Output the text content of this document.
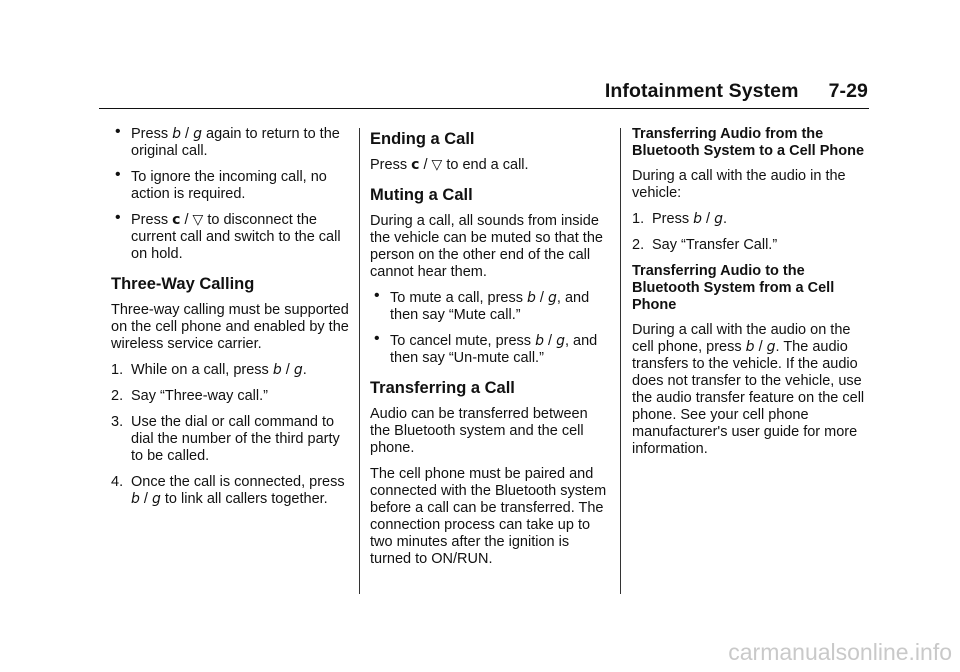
Infotainment System 7-29
• Press b / g again to return to the original call.
• To ignore the incoming call, no action is required.
• Press c / ▽ to disconnect the current call and switch to the call on hold.
Three-Way Calling

Three-way calling must be supported on the cell phone and enabled by the wireless service carrier.

1. While on a call, press b / g.
2. Say “Three-way call.”
3. Use the dial or call command to dial the number of the third party to be called.
4. Once the call is connected, press b / g to link all callers together.
Ending a Call

Press c / ▽ to end a call.

Muting a Call

During a call, all sounds from inside the vehicle can be muted so that the person on the other end of the call cannot hear them.

• To mute a call, press b / g, and then say “Mute call.”
• To cancel mute, press b / g, and then say “Un-mute call.”
Transferring a Call

Audio can be transferred between the Bluetooth system and the cell phone.

The cell phone must be paired and connected with the Bluetooth system before a call can be transferred. The connection process can take up to two minutes after the ignition is turned to ON/RUN.

Transferring Audio from the Bluetooth System to a Cell Phone

During a call with the audio in the vehicle:

1. Press b / g.
2. Say “Transfer Call.”
Transferring Audio to the Bluetooth System from a Cell Phone

During a call with the audio on the cell phone, press b / g. The audio transfers to the vehicle. If the audio does not transfer to the vehicle, use the audio transfer feature on the cell phone. See your cell phone manufacturer's user guide for more information.

carmanualsonline.info
